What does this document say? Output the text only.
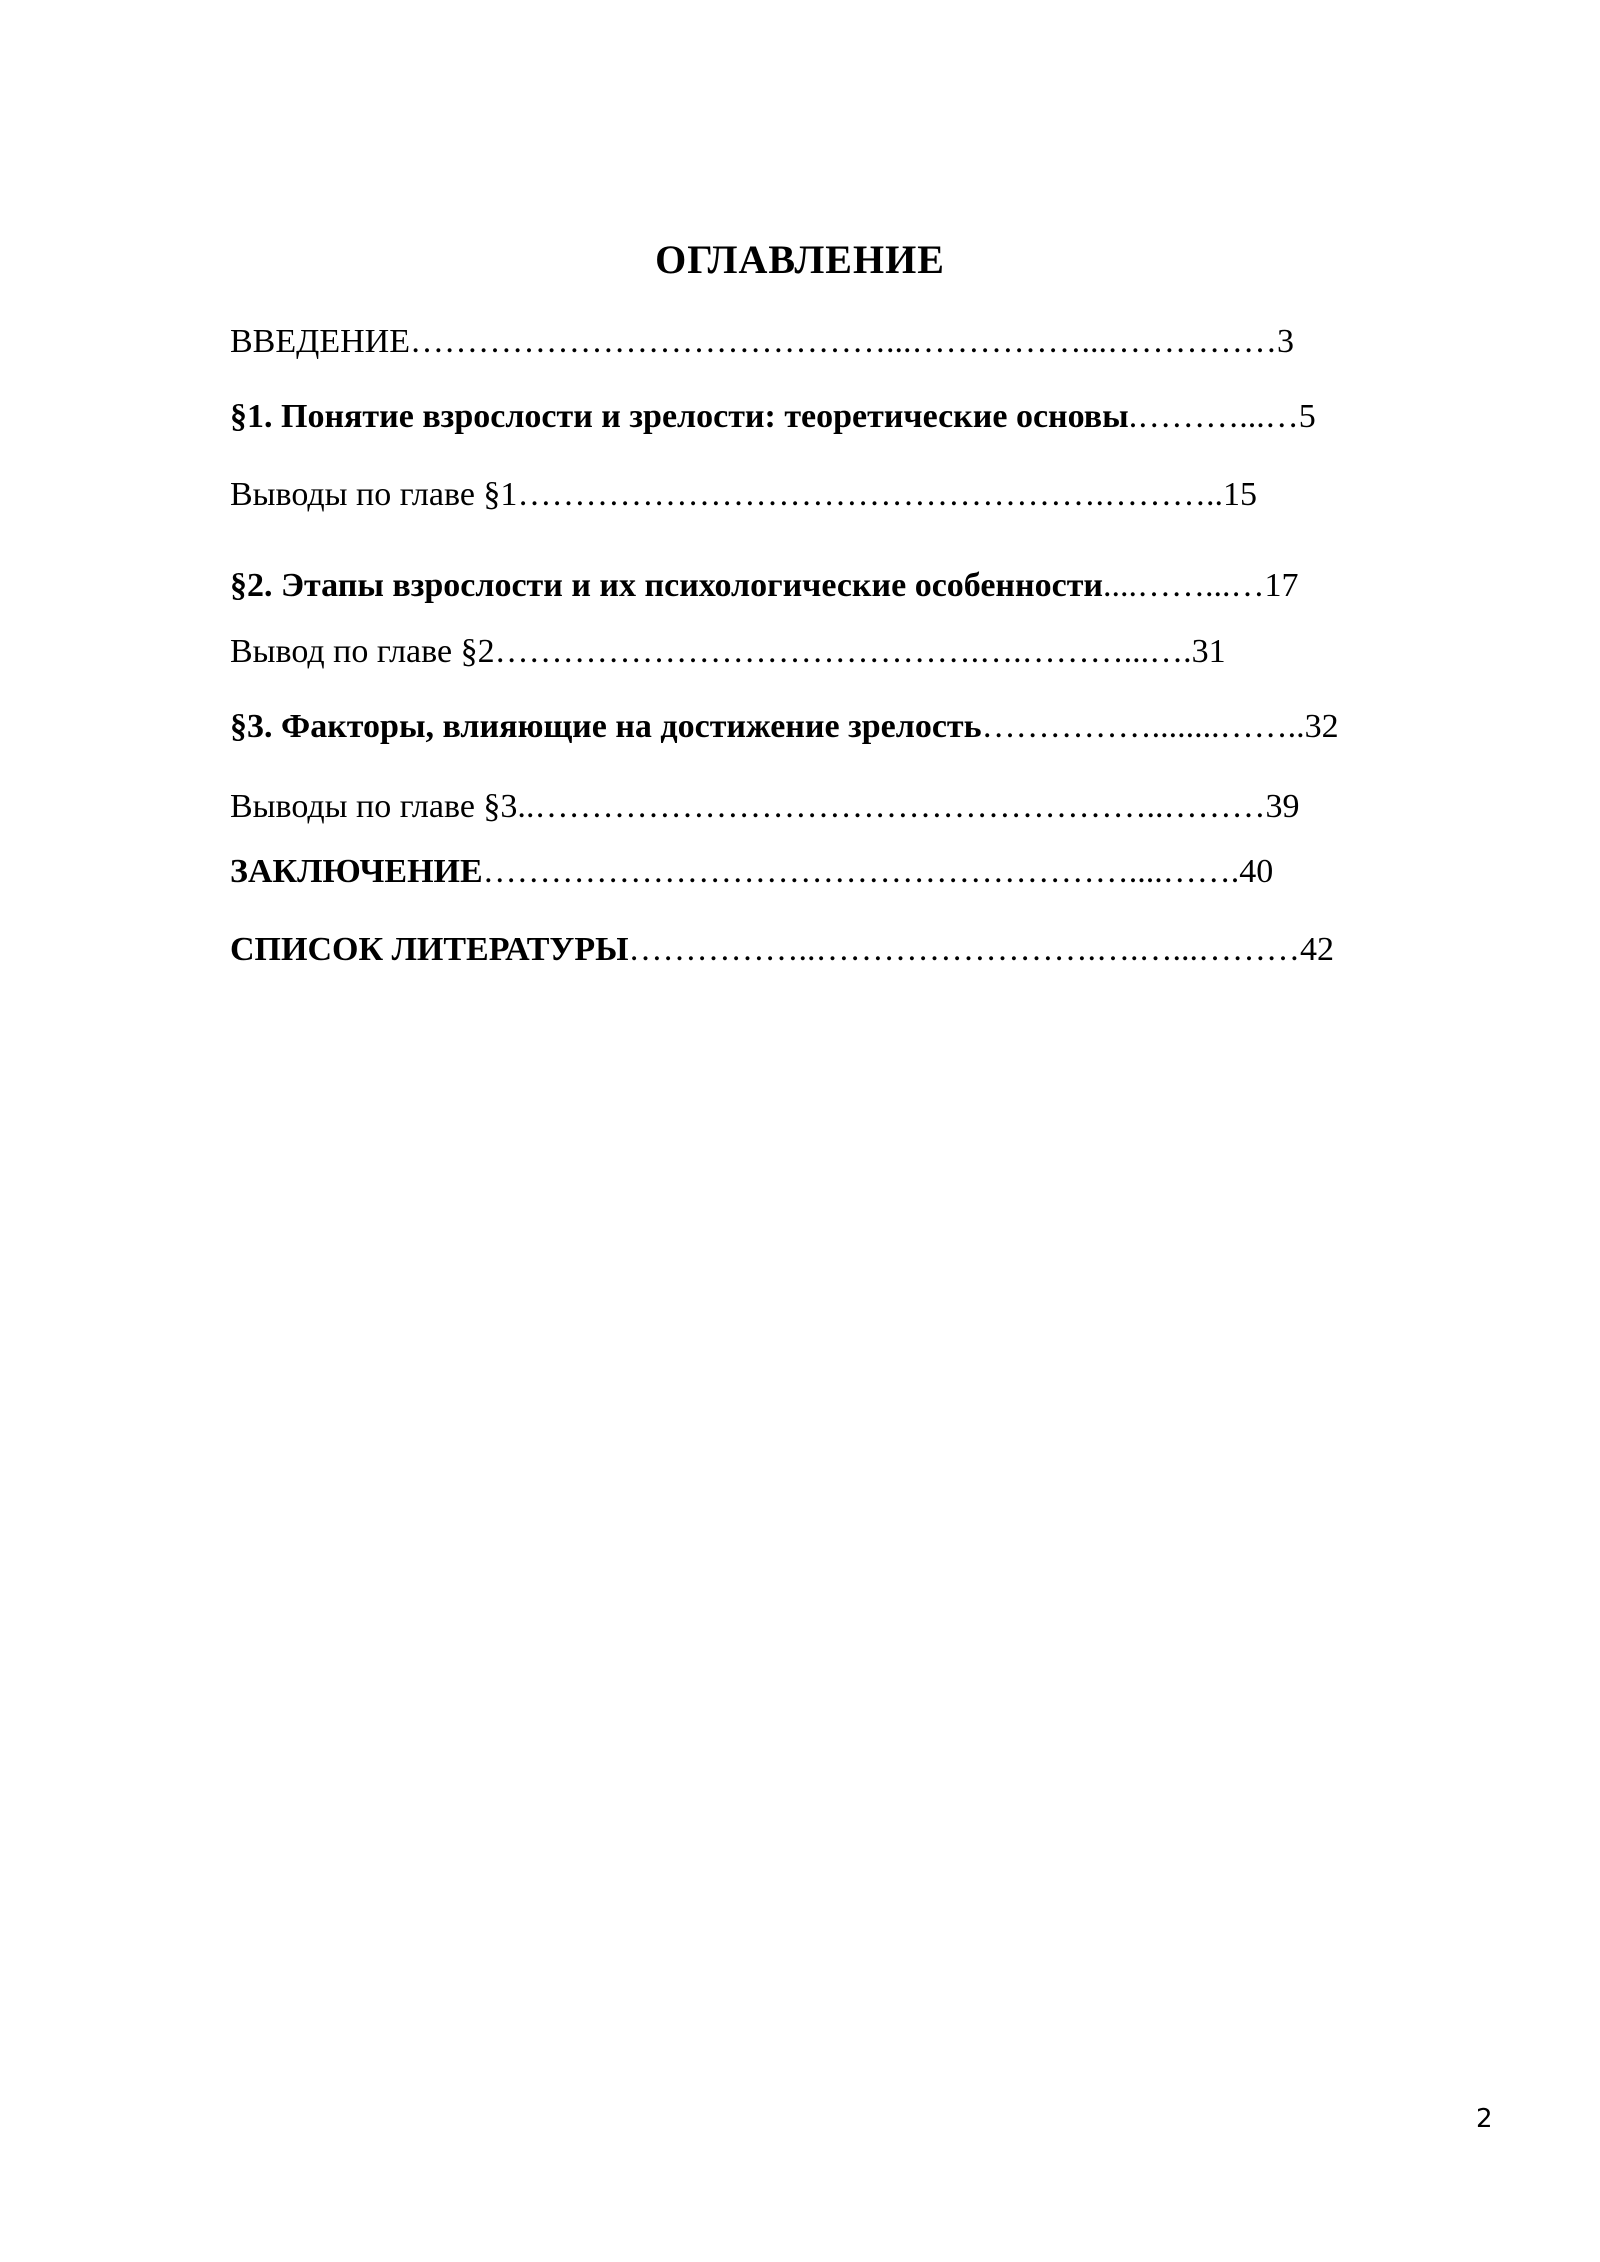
ОГЛАВЛЕНИЕ
ВВЕДЕНИЕ……………………………………...……………...……………3
§1. Понятие взрослости и зрелости: теоретические основы.………...…5
Выводы по главе §1…………………………………………….………..15
§2. Этапы взрослости и их психологические особенности....……...…17
Вывод по главе §2…………………………………….….………...….31
§3. Факторы, влияющие на достижение зрелость……………........……..32
Выводы по главе §3..………………………………………………..………39
ЗАКЛЮЧЕНИЕ…………………………………………………....…….40
СПИСОК ЛИТЕРАТУРЫ……………..…………………….….…...………42
2
